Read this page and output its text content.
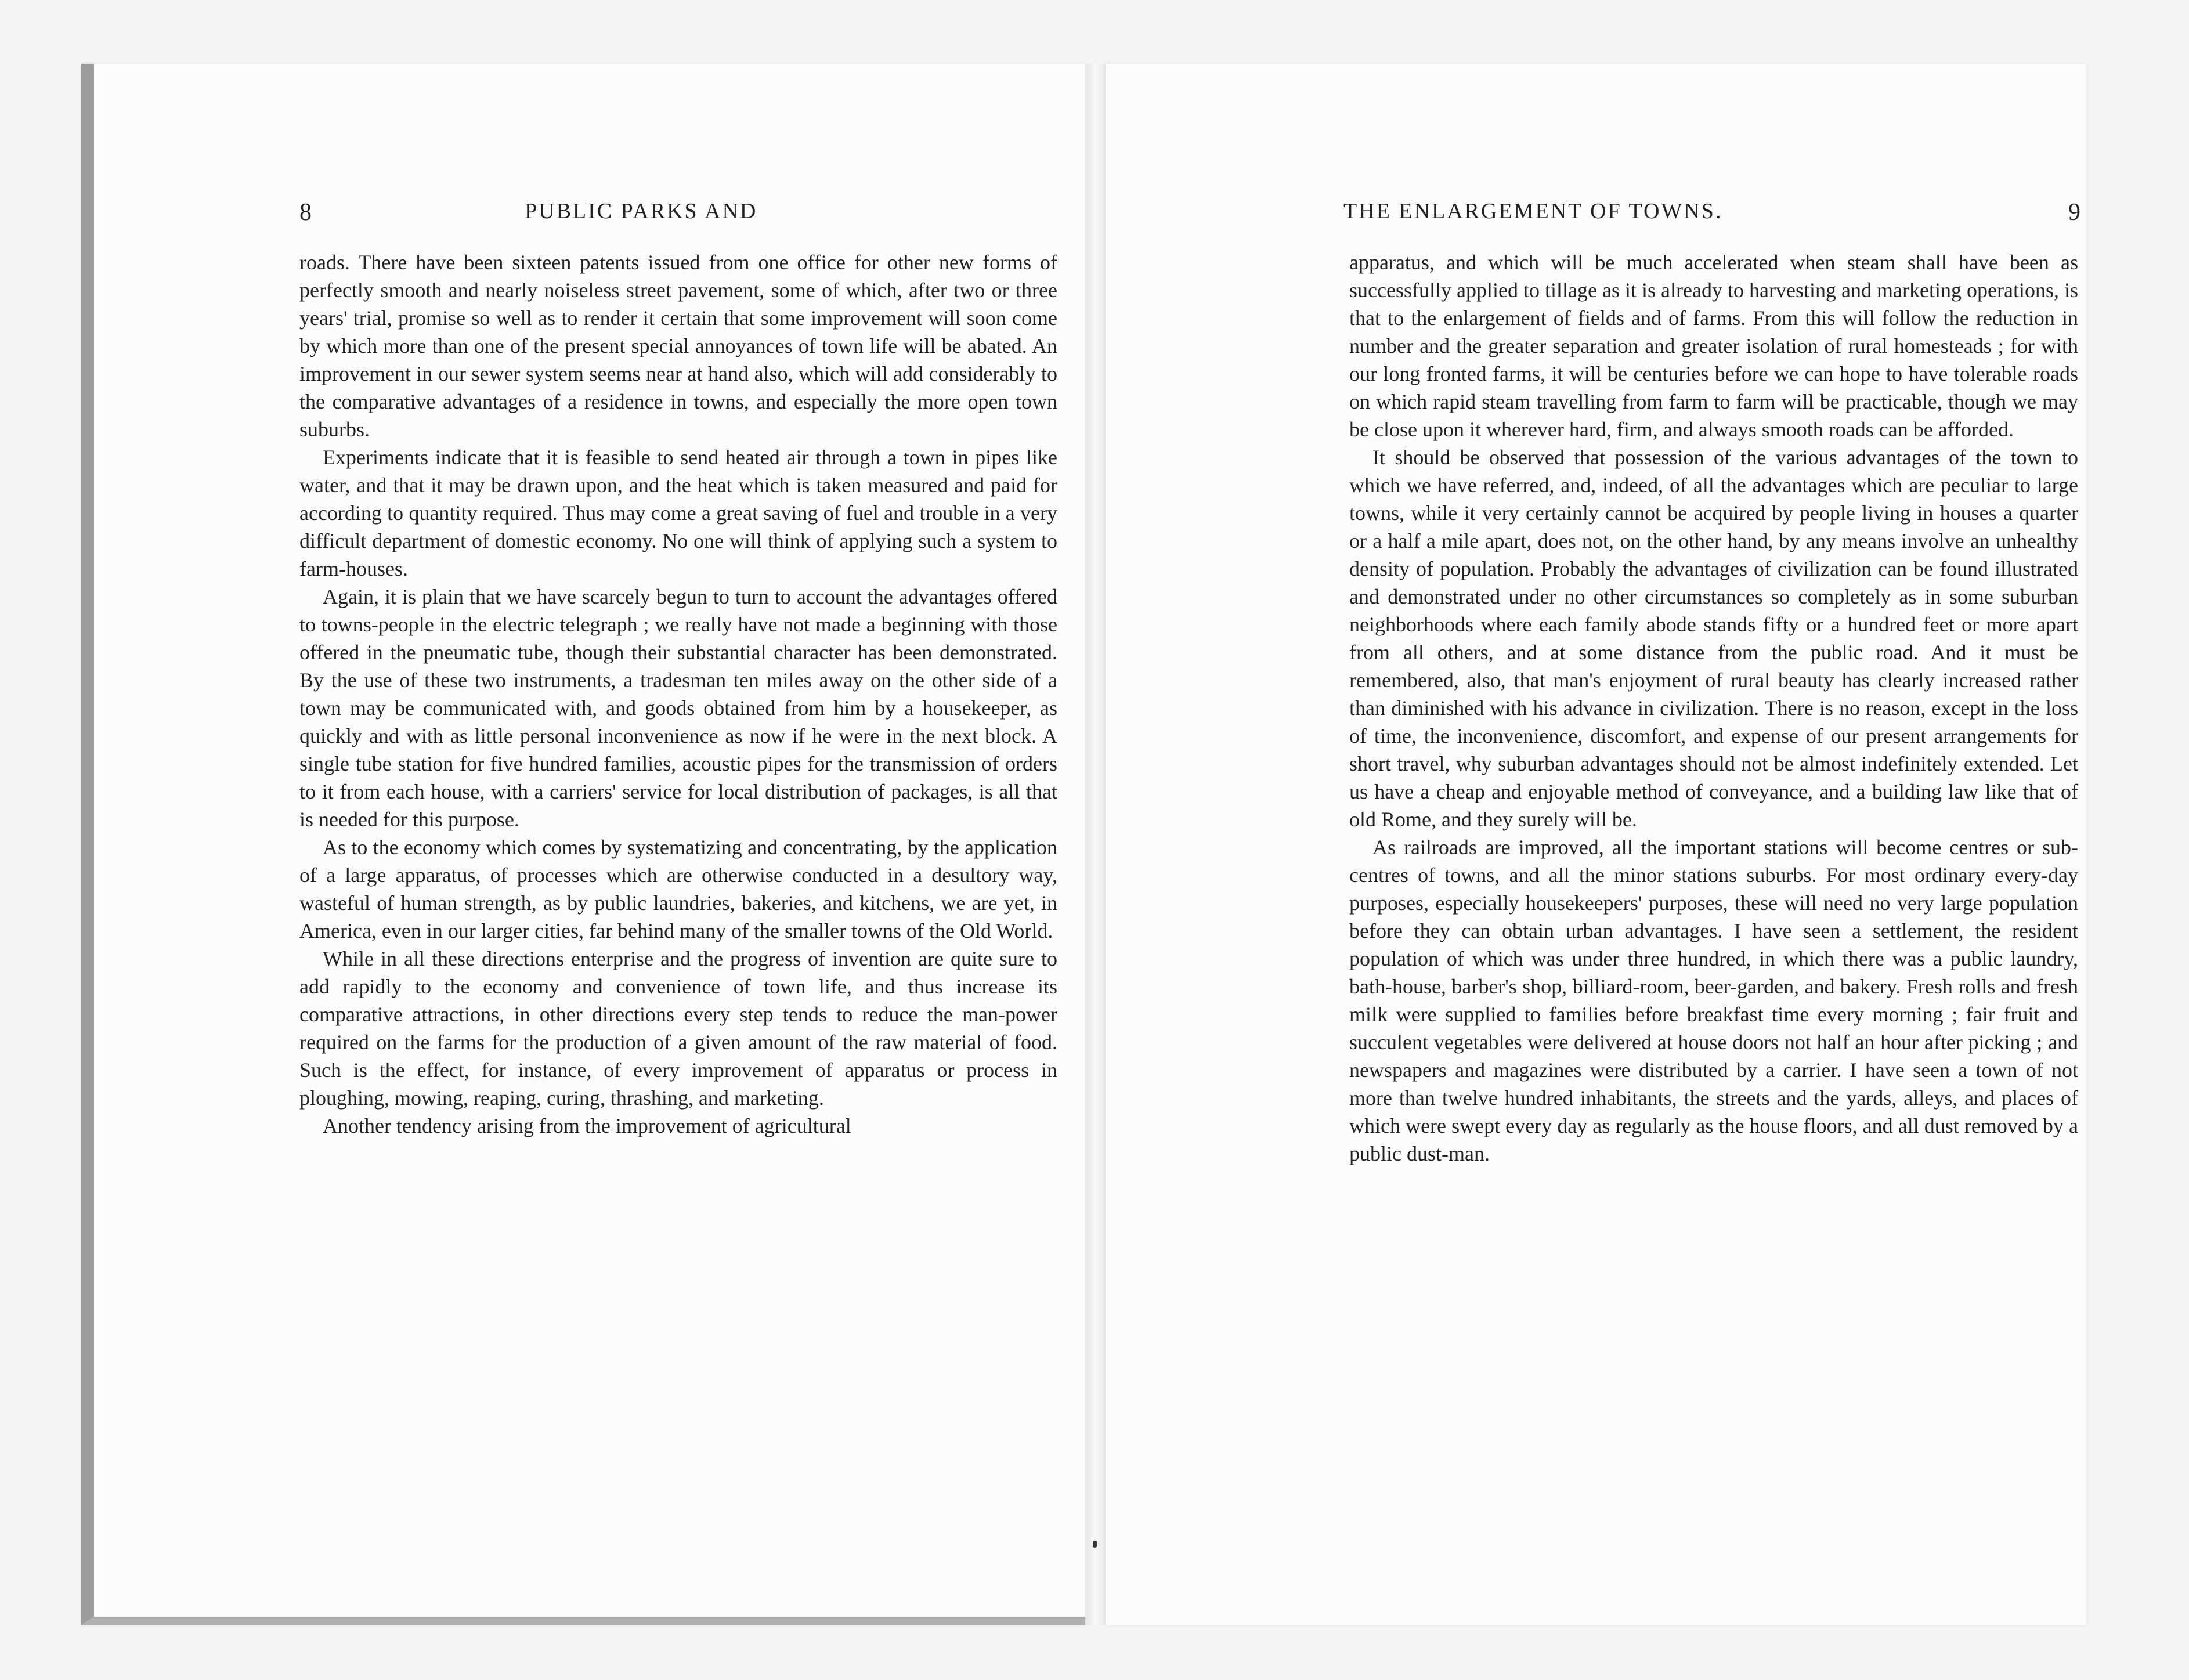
8	PUBLIC PARKS AND

roads. There have been sixteen patents issued from one office for other new forms of perfectly smooth and nearly noiseless street pavement, some of which, after two or three years' trial, promise so well as to render it certain that some improvement will soon come by which more than one of the present special annoyances of town life will be abated. An improvement in our sewer system seems near at hand also, which will add considerably to the comparative advantages of a residence in towns, and especially the more open town suburbs.

Experiments indicate that it is feasible to send heated air through a town in pipes like water, and that it may be drawn upon, and the heat which is taken measured and paid for according to quantity required. Thus may come a great saving of fuel and trouble in a very difficult department of domestic economy. No one will think of applying such a system to farm-houses.

Again, it is plain that we have scarcely begun to turn to account the advantages offered to towns-people in the electric telegraph ; we really have not made a beginning with those offered in the pneumatic tube, though their substantial character has been demonstrated. By the use of these two instruments, a tradesman ten miles away on the other side of a town may be communicated with, and goods obtained from him by a housekeeper, as quickly and with as little personal inconvenience as now if he were in the next block. A single tube station for five hundred families, acoustic pipes for the transmission of orders to it from each house, with a carriers' service for local distribution of packages, is all that is needed for this purpose.

As to the economy which comes by systematizing and concentrating, by the application of a large apparatus, of processes which are otherwise conducted in a desultory way, wasteful of human strength, as by public laundries, bakeries, and kitchens, we are yet, in America, even in our larger cities, far behind many of the smaller towns of the Old World.

While in all these directions enterprise and the progress of invention are quite sure to add rapidly to the economy and convenience of town life, and thus increase its comparative attractions, in other directions every step tends to reduce the man-power required on the farms for the production of a given amount of the raw material of food. Such is the effect, for instance, of every improvement of apparatus or process in ploughing, mowing, reaping, curing, thrashing, and marketing.

Another tendency arising from the improvement of agricultural

THE ENLARGEMENT OF TOWNS.	9

apparatus, and which will be much accelerated when steam shall have been as successfully applied to tillage as it is already to harvesting and marketing operations, is that to the enlargement of fields and of farms. From this will follow the reduction in number and the greater separation and greater isolation of rural homesteads ; for with our long fronted farms, it will be centuries before we can hope to have tolerable roads on which rapid steam travelling from farm to farm will be practicable, though we may be close upon it wherever hard, firm, and always smooth roads can be afforded.

It should be observed that possession of the various advantages of the town to which we have referred, and, indeed, of all the advantages which are peculiar to large towns, while it very certainly cannot be acquired by people living in houses a quarter or a half a mile apart, does not, on the other hand, by any means involve an unhealthy density of population. Probably the advantages of civilization can be found illustrated and demonstrated under no other circumstances so completely as in some suburban neighborhoods where each family abode stands fifty or a hundred feet or more apart from all others, and at some distance from the public road. And it must be remembered, also, that man's enjoyment of rural beauty has clearly increased rather than diminished with his advance in civilization. There is no reason, except in the loss of time, the inconvenience, discomfort, and expense of our present arrangements for short travel, why suburban advantages should not be almost indefinitely extended. Let us have a cheap and enjoyable method of conveyance, and a building law like that of old Rome, and they surely will be.

As railroads are improved, all the important stations will become centres or sub-centres of towns, and all the minor stations suburbs. For most ordinary every-day purposes, especially housekeepers' purposes, these will need no very large population before they can obtain urban advantages. I have seen a settlement, the resident population of which was under three hundred, in which there was a public laundry, bath-house, barber's shop, billiard-room, beer-garden, and bakery. Fresh rolls and fresh milk were supplied to families before breakfast time every morning ; fair fruit and succulent vegetables were delivered at house doors not half an hour after picking ; and newspapers and magazines were distributed by a carrier. I have seen a town of not more than twelve hundred inhabitants, the streets and the yards, alleys, and places of which were swept every day as regularly as the house floors, and all dust removed by a public dust-man.
